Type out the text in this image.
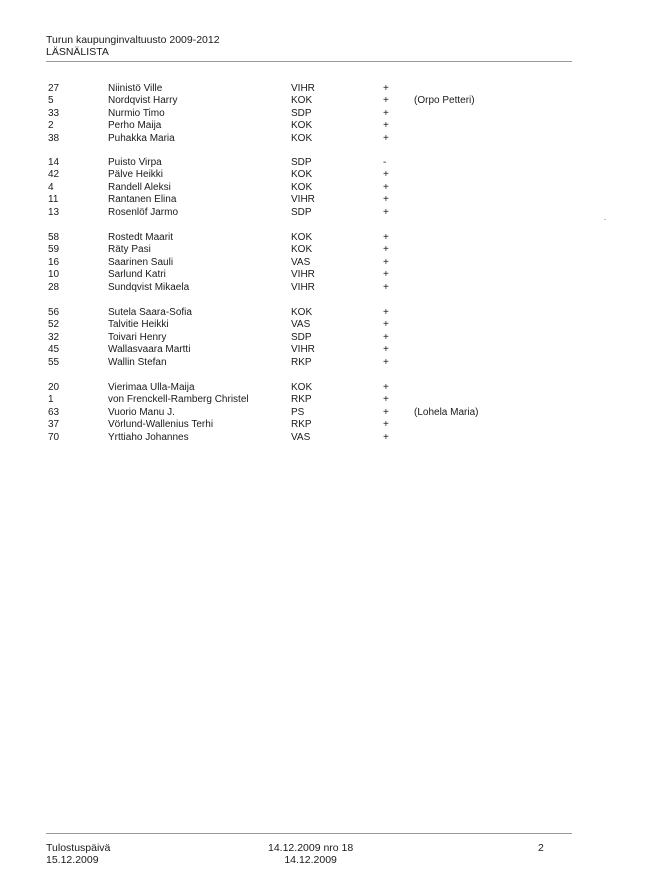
Turun kaupunginvaltuusto 2009-2012
LÄSNÄLISTA
27	Niinistö Ville	VIHR	+
5	Nordqvist Harry	KOK	+	(Orpo Petteri)
33	Nurmio Timo	SDP	+
2	Perho Maija	KOK	+
38	Puhakka Maria	KOK	+
14	Puisto Virpa	SDP	-
42	Pälve Heikki	KOK	+
4	Randell Aleksi	KOK	+
11	Rantanen Elina	VIHR	+
13	Rosenlöf Jarmo	SDP	+
58	Rostedt Maarit	KOK	+
59	Räty Pasi	KOK	+
16	Saarinen Sauli	VAS	+
10	Sarlund Katri	VIHR	+
28	Sundqvist Mikaela	VIHR	+
56	Sutela Saara-Sofia	KOK	+
52	Talvitie Heikki	VAS	+
32	Toivari Henry	SDP	+
45	Wallasvaara Martti	VIHR	+
55	Wallin Stefan	RKP	+
20	Vierimaa Ulla-Maija	KOK	+
1	von Frenckell-Ramberg Christel	RKP	+
63	Vuorio Manu J.	PS	+	(Lohela Maria)
37	Vörlund-Wallenius Terhi	RKP	+
70	Yrttiaho Johannes	VAS	+
Tulostuspäivä
15.12.2009
14.12.2009 nro 18
14.12.2009
2
